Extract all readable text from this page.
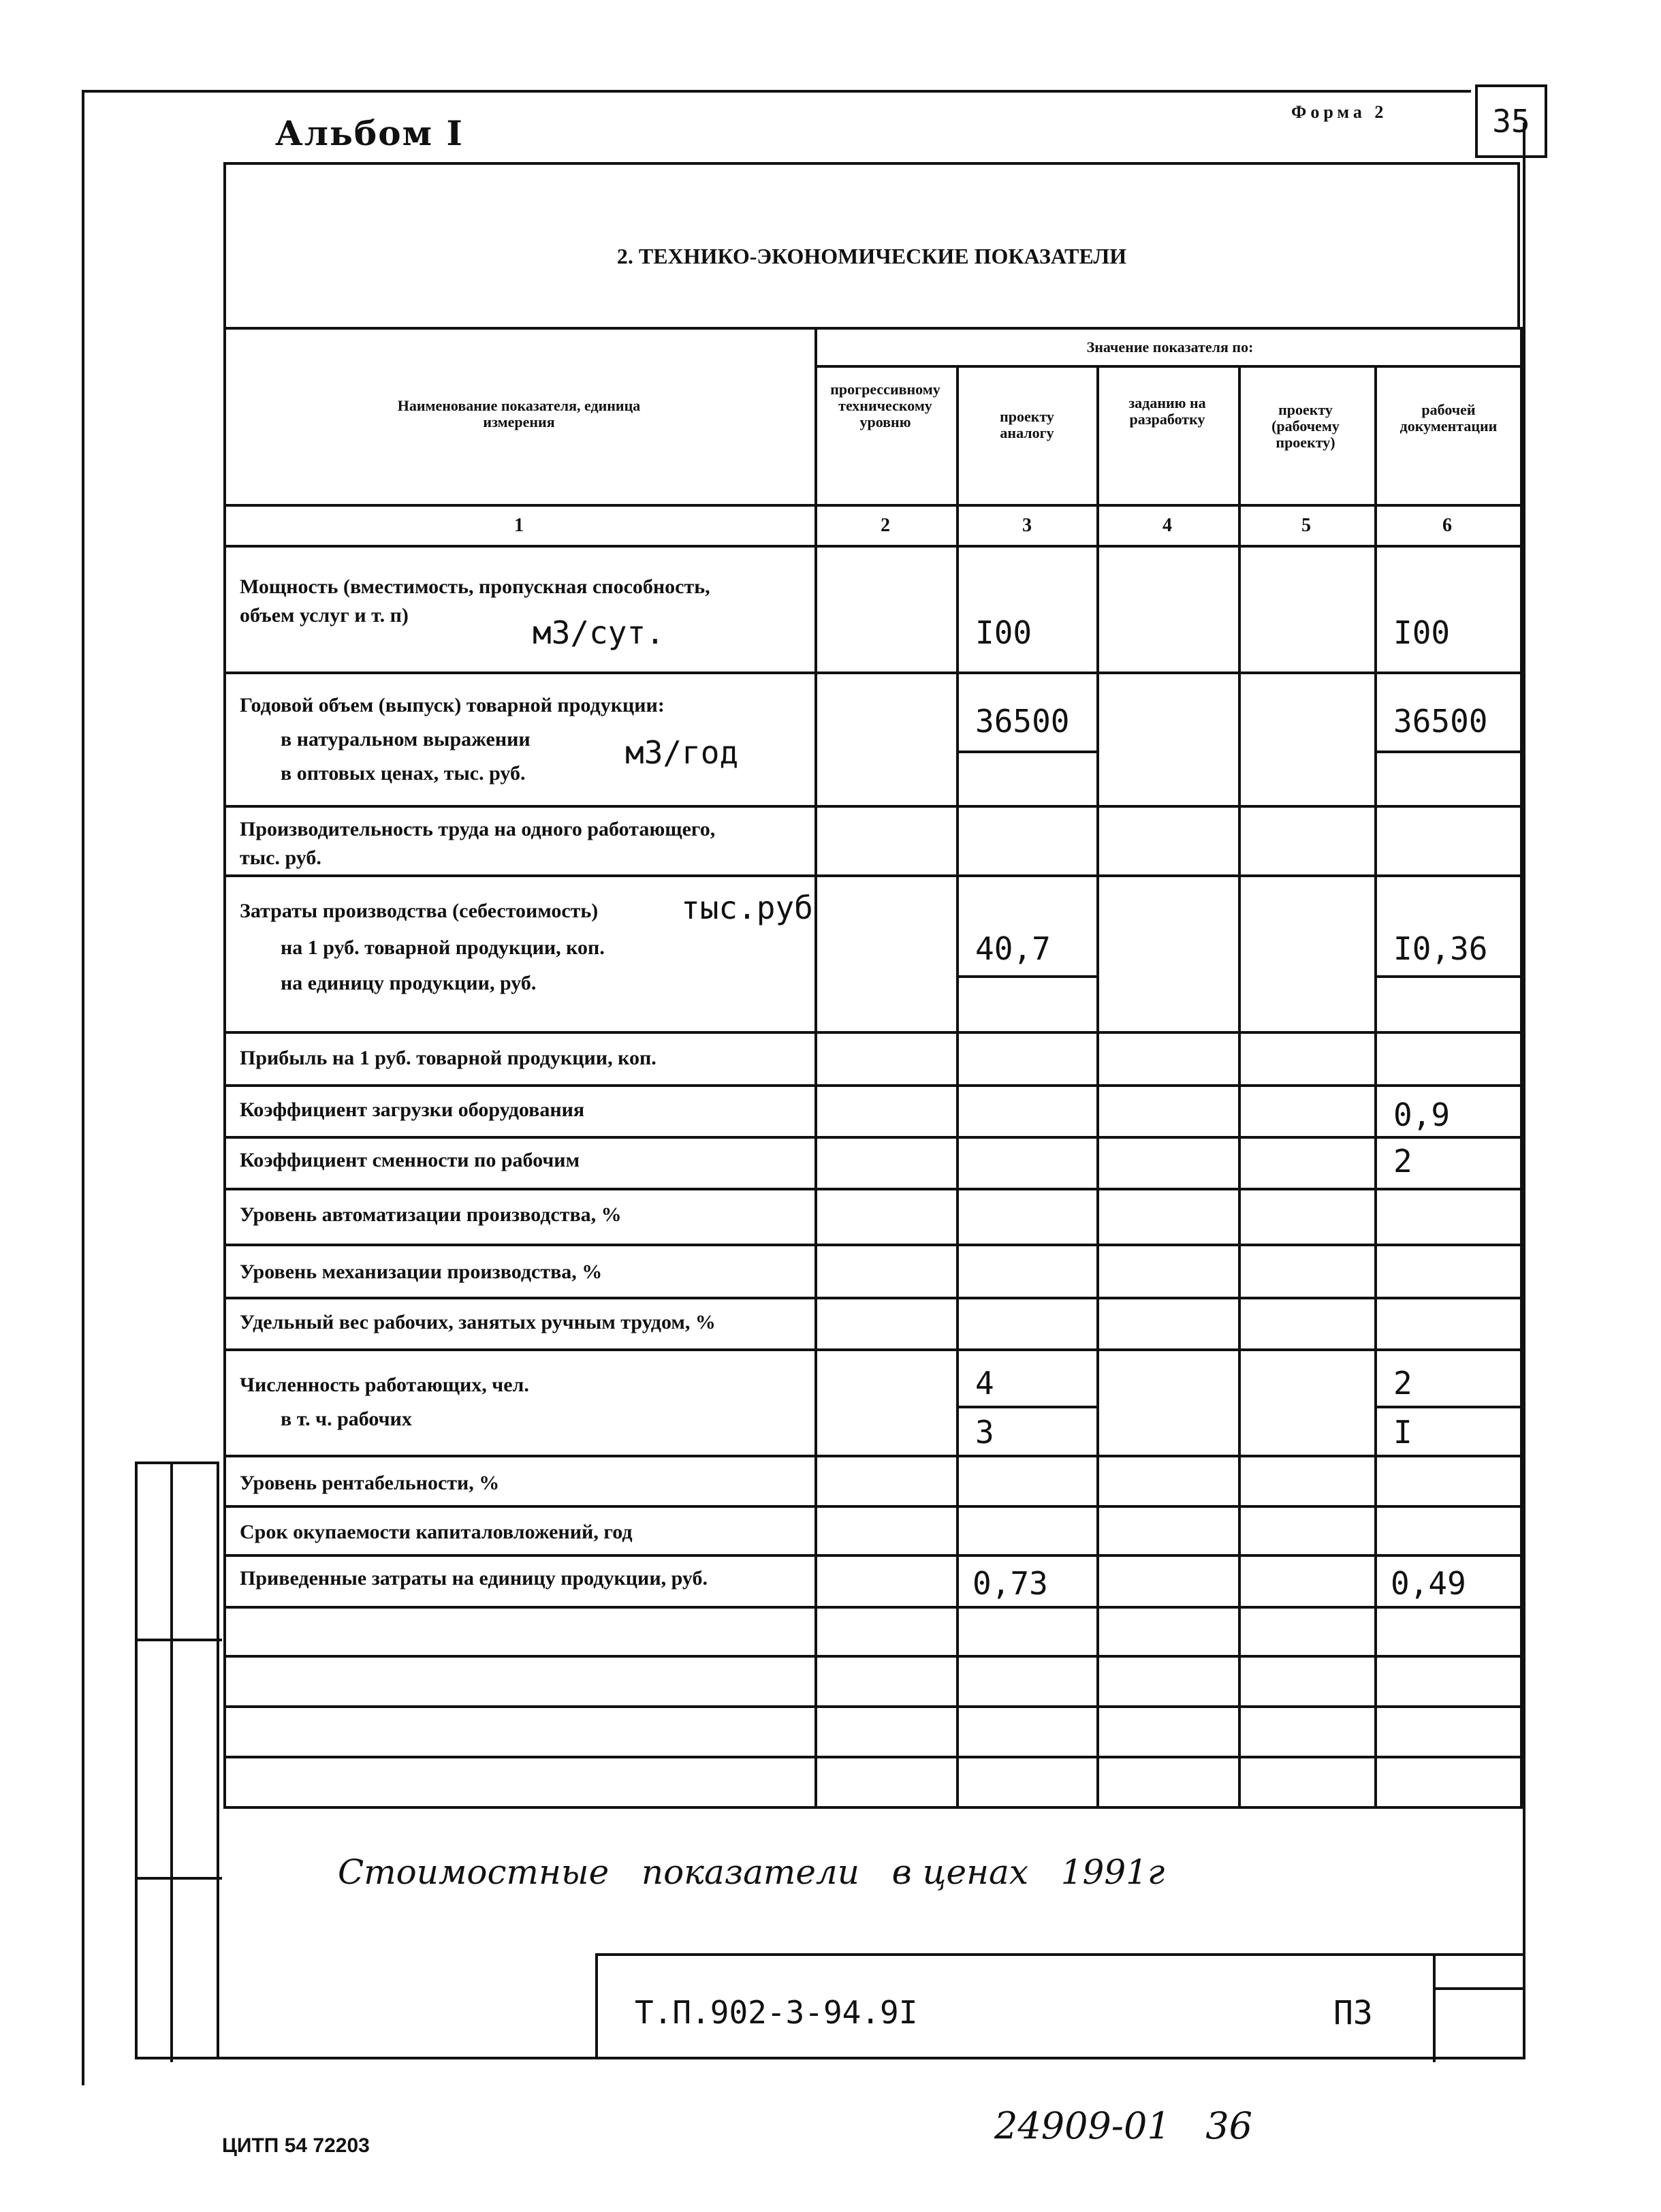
35
Альбом I
Форма 2
2. ТЕХНИКО-ЭКОНОМИЧЕСКИЕ ПОКАЗАТЕЛИ
Наименование показателя, единица измерения	Значение показателя по:				

	прогрессивному техническому уровню	проекту аналогу	заданию на разработку	проекту (рабочему проекту)	рабочей документации

1	2	3	4	5	6

Мощность (вместимость, пропускная способность,
объем услуг и т. п) м3/сут.		I00			I00

Годовой объем (выпуск) товарной продукции:
в натуральном выражении
в оптовых ценах, тыс. руб.
м3/год		36500			36500

Производительность труда на одного работающего,
тыс. руб.					

Затраты производства (себестоимость) тыс.руб
на 1 руб. товарной продукции, коп.
на единицу продукции, руб.		40,7			I0,36

Прибыль на 1 руб. товарной продукции, коп.					

Коэффициент загрузки оборудования					0,9

Коэффициент сменности по рабочим					2

Уровень автоматизации производства, %					

Уровень механизации производства, %					

Удельный вес рабочих, занятых ручным трудом, %					

Численность работающих, чел.
в т. ч. рабочих		4			2

		3			I

Уровень рентабельности, %					

Срок окупаемости капиталовложений, год					

Приведенные затраты на единицу продукции, руб.		0,73			0,49

Стоимостные   показатели   в ценах   1991г
Т.П.902-3-94.9I	П3
ЦИТП 54 72203	24909-01   36
